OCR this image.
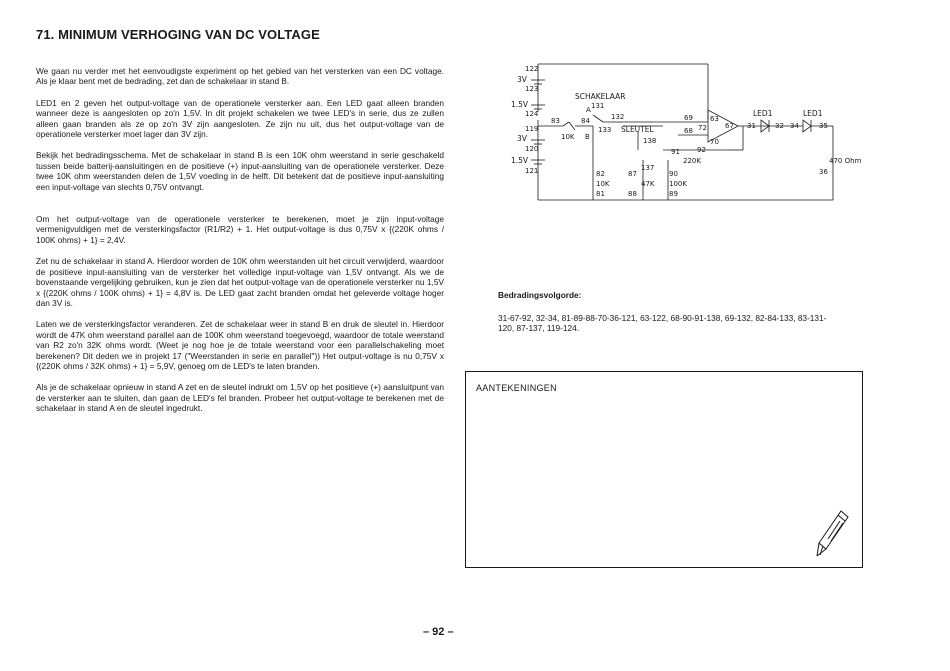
71. MINIMUM VERHOGING VAN DC VOLTAGE

We gaan nu verder met het eenvoudigste experiment op het gebied van het versterken van een DC voltage. Als je klaar bent met de bedrading, zet dan de schakelaar in stand B.

LED1 en 2 geven het output-voltage van de operationele versterker aan. Een LED gaat alleen branden wanneer deze is aangesloten op zo'n 1,5V. In dit projekt schakelen we twee LED's in serie, dus ze zullen alleen gaan branden als ze op zo'n 3V zijn aangesloten. Ze zijn nu uit, dus het output-voltage van de operationele versterker moet lager dan 3V zijn.

Bekijk het bedradingsschema. Met de schakelaar in stand B is een 10K ohm weerstand in serie geschakeld tussen beide batterij-aansluitingen en de positieve (+) input-aansluiting van de operationele versterker. Deze twee 10K ohm weerstanden delen de 1,5V voeding in de helft. Dit betekent dat de positieve input-aansluiting een input-voltage van slechts 0,75V ontvangt.

Om het output-voltage van de operationele versterker te berekenen, moet je zijn input-voltage vermenigvuldigen met de versterkingsfactor (R1/R2) + 1. Het output-voltage is dus 0,75V x {(220K ohms / 100K ohms) + 1} = 2,4V.

Zet nu de schakelaar in stand A. Hierdoor worden de 10K ohm weerstanden uit het circuit verwijderd, waardoor de positieve input-aansluiting van de versterker het volledige input-voltage van 1,5V ontvangt. Als we de bovenstaande vergelijking gebruiken, kun je zien dat het output-voltage van de operationele versterker nu 1,5V x {(220K ohms / 100K ohms) + 1} = 4,8V is. De LED gaat zacht branden omdat het geleverde voltage hoger dan 3V is.

Laten we de versterkingsfactor veranderen. Zet de schakelaar weer in stand B en druk de sleutel in. Hierdoor wordt de 47K ohm weerstand parallel aan de 100K ohm weerstand toegevoegd, waardoor de totale weerstand van R2 zo'n 32K ohms wordt. (Weet je nog hoe je de totale weerstand voor een parallelschakeling moet berekenen? Dit deden we in projekt 17 ("Weerstanden in serie en parallel")) Het output-voltage is nu 0,75V x {(220K ohms / 32K ohms) + 1} = 5,9V, genoeg om de LED's te laten branden.

Als je de schakelaar opnieuw in stand A zet en de sleutel indrukt om 1,5V op het positieve (+) aansluitpunt van de versterker aan te sluiten, dan gaan de LED's fel branden. Probeer het output-voltage te berekenen met de schakelaar in stand A en de sleutel ingedrukt.

122
3V
123
1.5V
124
SCHAKELAAR
131
A
132
83	84
133 SLEUTEL
119
10K B
3V	138
120
1.5V
121	82	87
137
10K
81
47K
88
90
100K
89
91 92
220K
69
72
68
63
67
70
31
LED1
32 34
LED1
35
470 Ohm
36
Bedradingsvolgorde:
31-67-92, 32-34, 81-89-88-70-36-121, 63-122, 68-90-91-138, 69-132, 82-84-133, 83-131-120, 87-137, 119-124.
AANTEKENINGEN
– 92 –
